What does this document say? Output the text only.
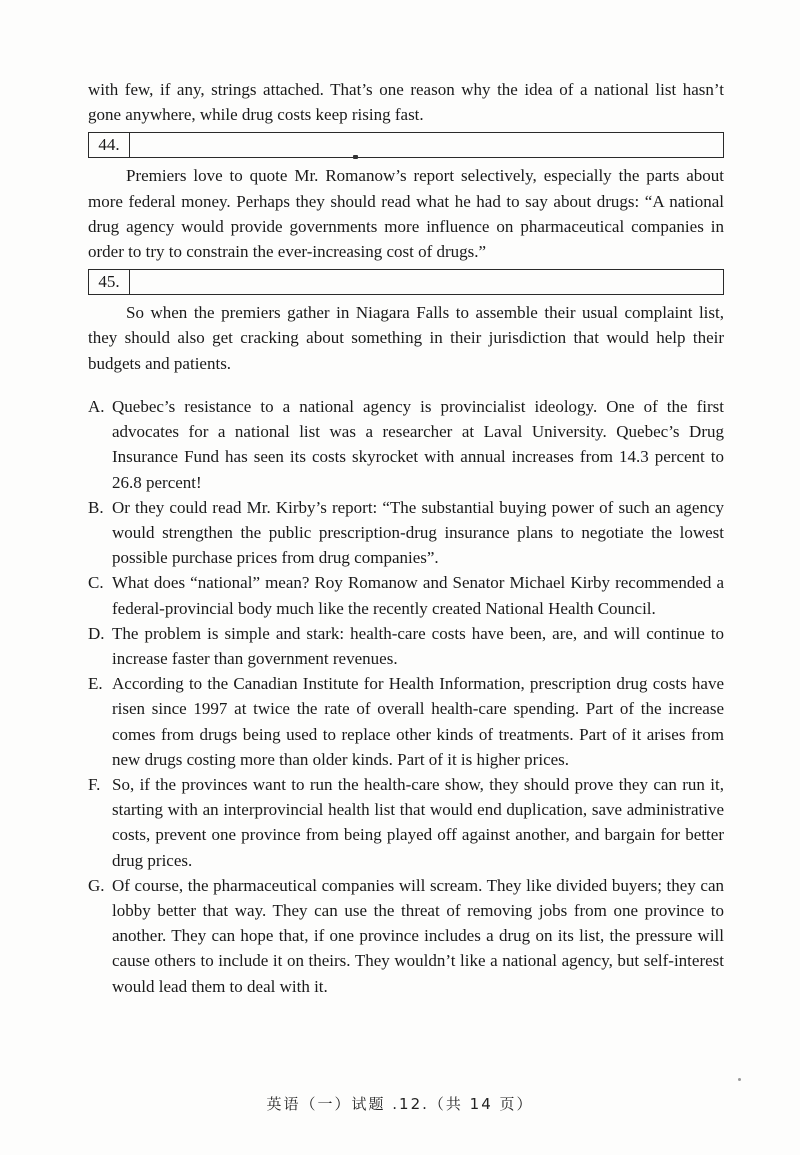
with few, if any, strings attached. That’s one reason why the idea of a national list hasn’t gone anywhere, while drug costs keep rising fast.

44.

Premiers love to quote Mr. Romanow’s report selectively, especially the parts about more federal money. Perhaps they should read what he had to say about drugs: “A national drug agency would provide governments more influence on pharmaceutical companies in order to try to constrain the ever-increasing cost of drugs.”

45.

So when the premiers gather in Niagara Falls to assemble their usual complaint list, they should also get cracking about something in their jurisdiction that would help their budgets and patients.

A. Quebec’s resistance to a national agency is provincialist ideology. One of the first advocates for a national list was a researcher at Laval University. Quebec’s Drug Insurance Fund has seen its costs skyrocket with annual increases from 14.3 percent to 26.8 percent!
B. Or they could read Mr. Kirby’s report: “The substantial buying power of such an agency would strengthen the public prescription-drug insurance plans to negotiate the lowest possible purchase prices from drug companies”.
C. What does “national” mean? Roy Romanow and Senator Michael Kirby recommended a federal-provincial body much like the recently created National Health Council.
D. The problem is simple and stark: health-care costs have been, are, and will continue to increase faster than government revenues.
E. According to the Canadian Institute for Health Information, prescription drug costs have risen since 1997 at twice the rate of overall health-care spending. Part of the increase comes from drugs being used to replace other kinds of treatments. Part of it arises from new drugs costing more than older kinds. Part of it is higher prices.
F. So, if the provinces want to run the health-care show, they should prove they can run it, starting with an interprovincial health list that would end duplication, save administrative costs, prevent one province from being played off against another, and bargain for better drug prices.
G. Of course, the pharmaceutical companies will scream. They like divided buyers; they can lobby better that way. They can use the threat of removing jobs from one province to another. They can hope that, if one province includes a drug on its list, the pressure will cause others to include it on theirs. They wouldn’t like a national agency, but self-interest would lead them to deal with it.
英语（一）试题 .12.（共 14 页）
